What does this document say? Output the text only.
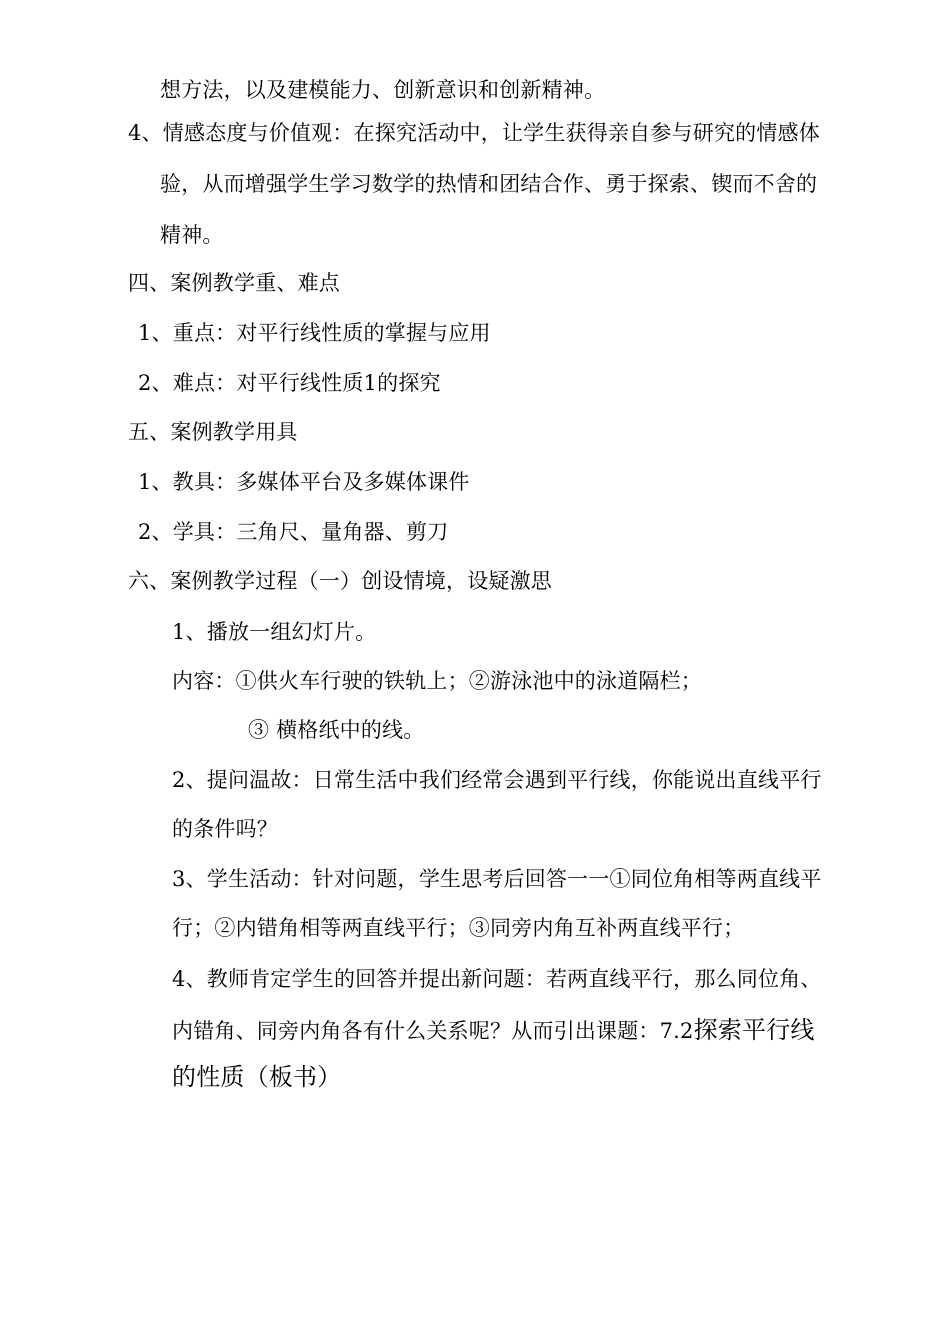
想方法，以及建模能力、创新意识和创新精神。
4、情感态度与价值观：在探究活动中，让学生获得亲自参与研究的情感体
验，从而增强学生学习数学的热情和团结合作、勇于探索、锲而不舍的
精神。
四、案例教学重、难点
1、重点：对平行线性质的掌握与应用
2、难点：对平行线性质1的探究
五、案例教学用具
1、教具：多媒体平台及多媒体课件
2、学具：三角尺、量角器、剪刀
六、案例教学过程（一）创设情境，设疑激思
1、播放一组幻灯片。
内容：①供火车行驶的铁轨上；②游泳池中的泳道隔栏；
③ 横格纸中的线。
2、提问温故：日常生活中我们经常会遇到平行线，你能说出直线平行
的条件吗？
3、学生活动：针对问题，学生思考后回答一一①同位角相等两直线平
行；②内错角相等两直线平行；③同旁内角互补两直线平行；
4、教师肯定学生的回答并提出新问题：若两直线平行，那么同位角、
内错角、同旁内角各有什么关系呢？从而引出课题：7.2探索平行线
的性质（板书）
